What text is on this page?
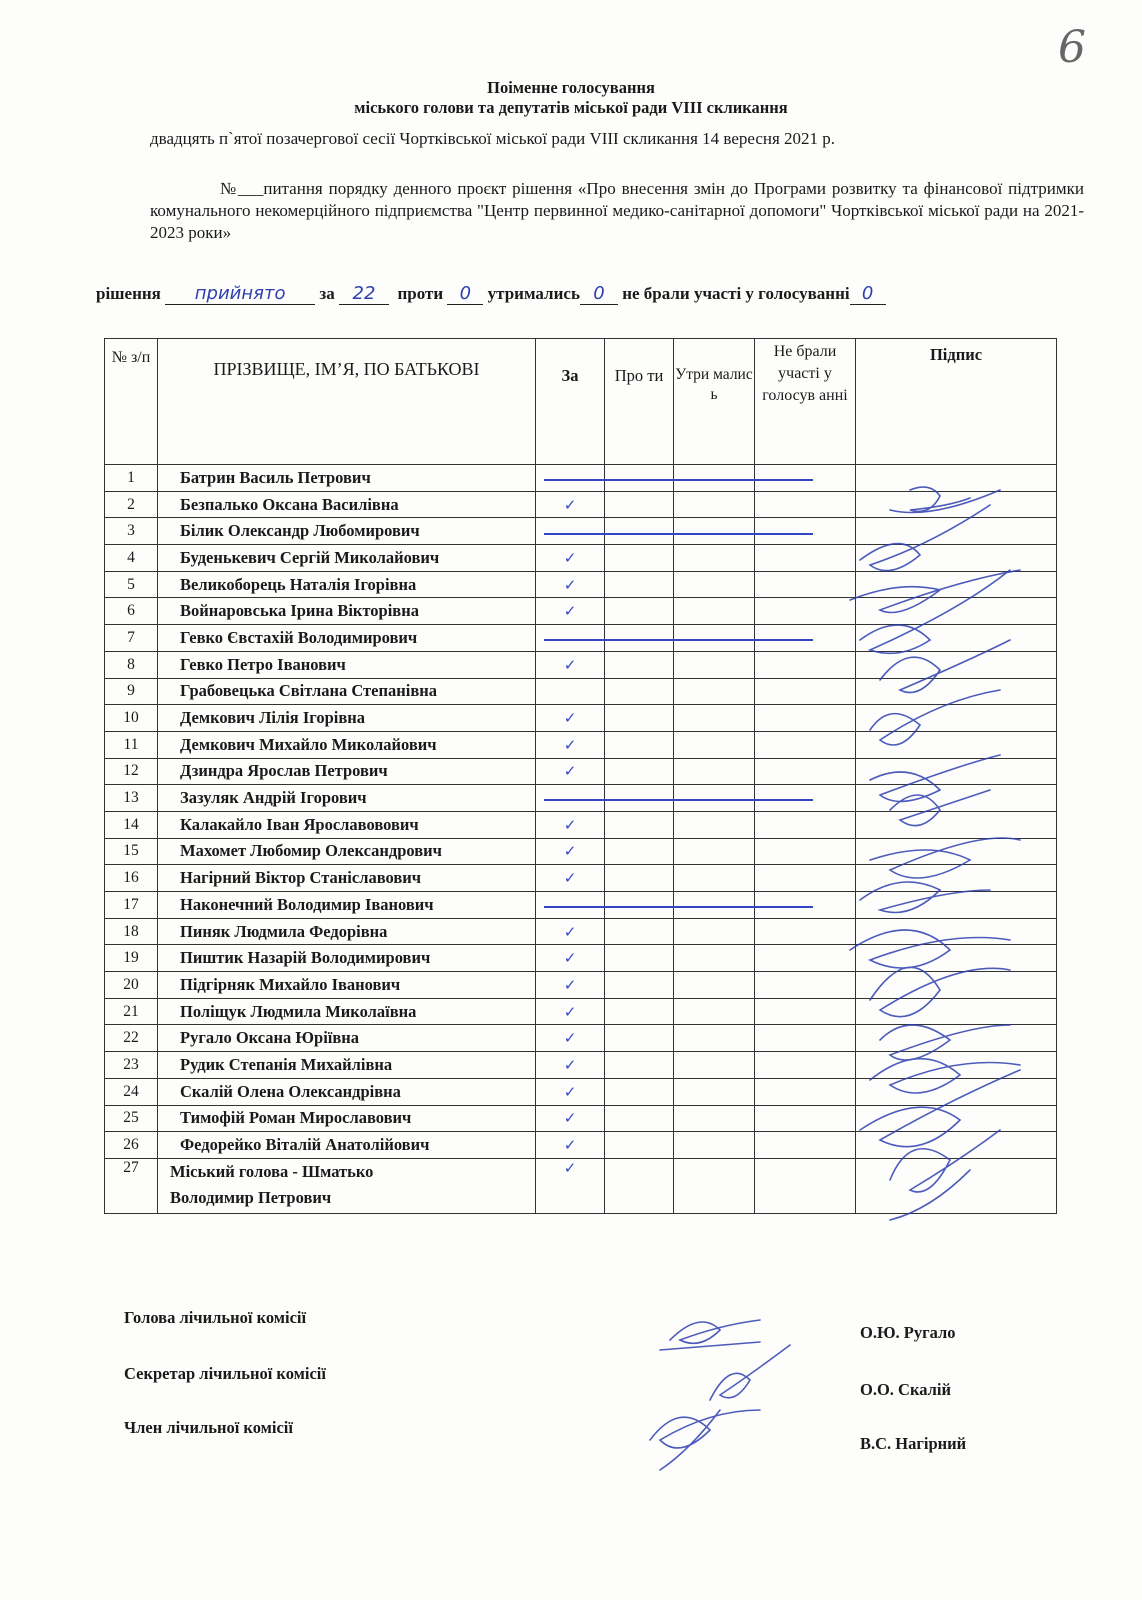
6
Поіменне голосування
міського голови та депутатів міської ради VIII скликання
двадцять п`ятої позачергової сесії Чортківської міської ради VIII скликання 14 вересня 2021 р.
№___питання порядку денного проєкт рішення «Про внесення змін до Програми розвитку та фінансової підтримки комунального некомерційного підприємства "Центр первинної медико-санітарної допомоги" Чортківської міської ради на 2021-2023 роки»
рішення прийнято за 22 проти 0 утримались 0 не брали участі у голосуванні 0
№ з/п	ПРІЗВИЩЕ, ІМ’Я, ПО БАТЬКОВІ	За	Про ти	Утри малис ь	Не брали участі у голосув анні	Підпис
1	Батрин Василь Петрович					
2	Безпалько Оксана Василівна	✓				
3	Білик Олександр Любомирович					
4	Буденькевич Сергій Миколайович	✓				
5	Великоборець Наталія Ігорівна	✓				
6	Войнаровська Ірина Вікторівна	✓				
7	Гевко Євстахій Володимирович					
8	Гевко Петро Іванович	✓				
9	Грабовецька Світлана Степанівна					
10	Демкович Лілія Ігорівна	✓				
11	Демкович Михайло Миколайович	✓				
12	Дзиндра Ярослав Петрович	✓				
13	Зазуляк Андрій Ігорович					
14	Калакайло Іван Ярославовович	✓				
15	Махомет Любомир Олександрович	✓				
16	Нагірний Віктор Станіславович	✓				
17	Наконечний Володимир Іванович					
18	Пиняк Людмила Федорівна	✓				
19	Пиштик Назарій Володимирович	✓				
20	Підгірняк Михайло Іванович	✓				
21	Поліщук Людмила Миколаївна	✓				
22	Ругало Оксана Юріївна	✓				
23	Рудик Степанія Михайлівна	✓				
24	Скалій Олена Олександрівна	✓				
25	Тимофій Роман Мирославович	✓				
26	Федорейко Віталій Анатолійович	✓				
27	Міський голова - Шматько
Володимир Петрович	✓				
Голова лічильної комісії
Секретар лічильної комісії
Член лічильної комісії
О.Ю. Ругало
О.О. Скалій
В.С. Нагірний
